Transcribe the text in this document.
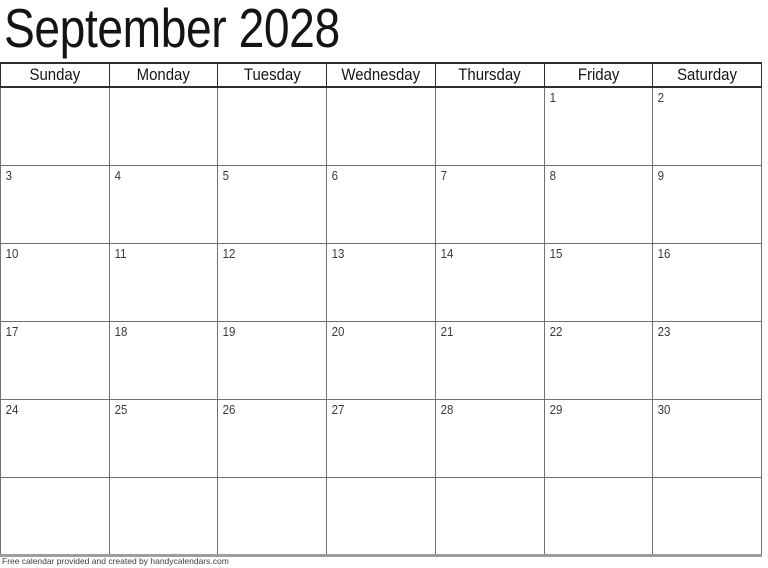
September 2028
Sunday	Monday	Tuesday	Wednesday	Thursday	Friday	Saturday
					1	2
3	4	5	6	7	8	9
10	11	12	13	14	15	16
17	18	19	20	21	22	23
24	25	26	27	28	29	30

Free calendar provided and created by handycalendars.com
